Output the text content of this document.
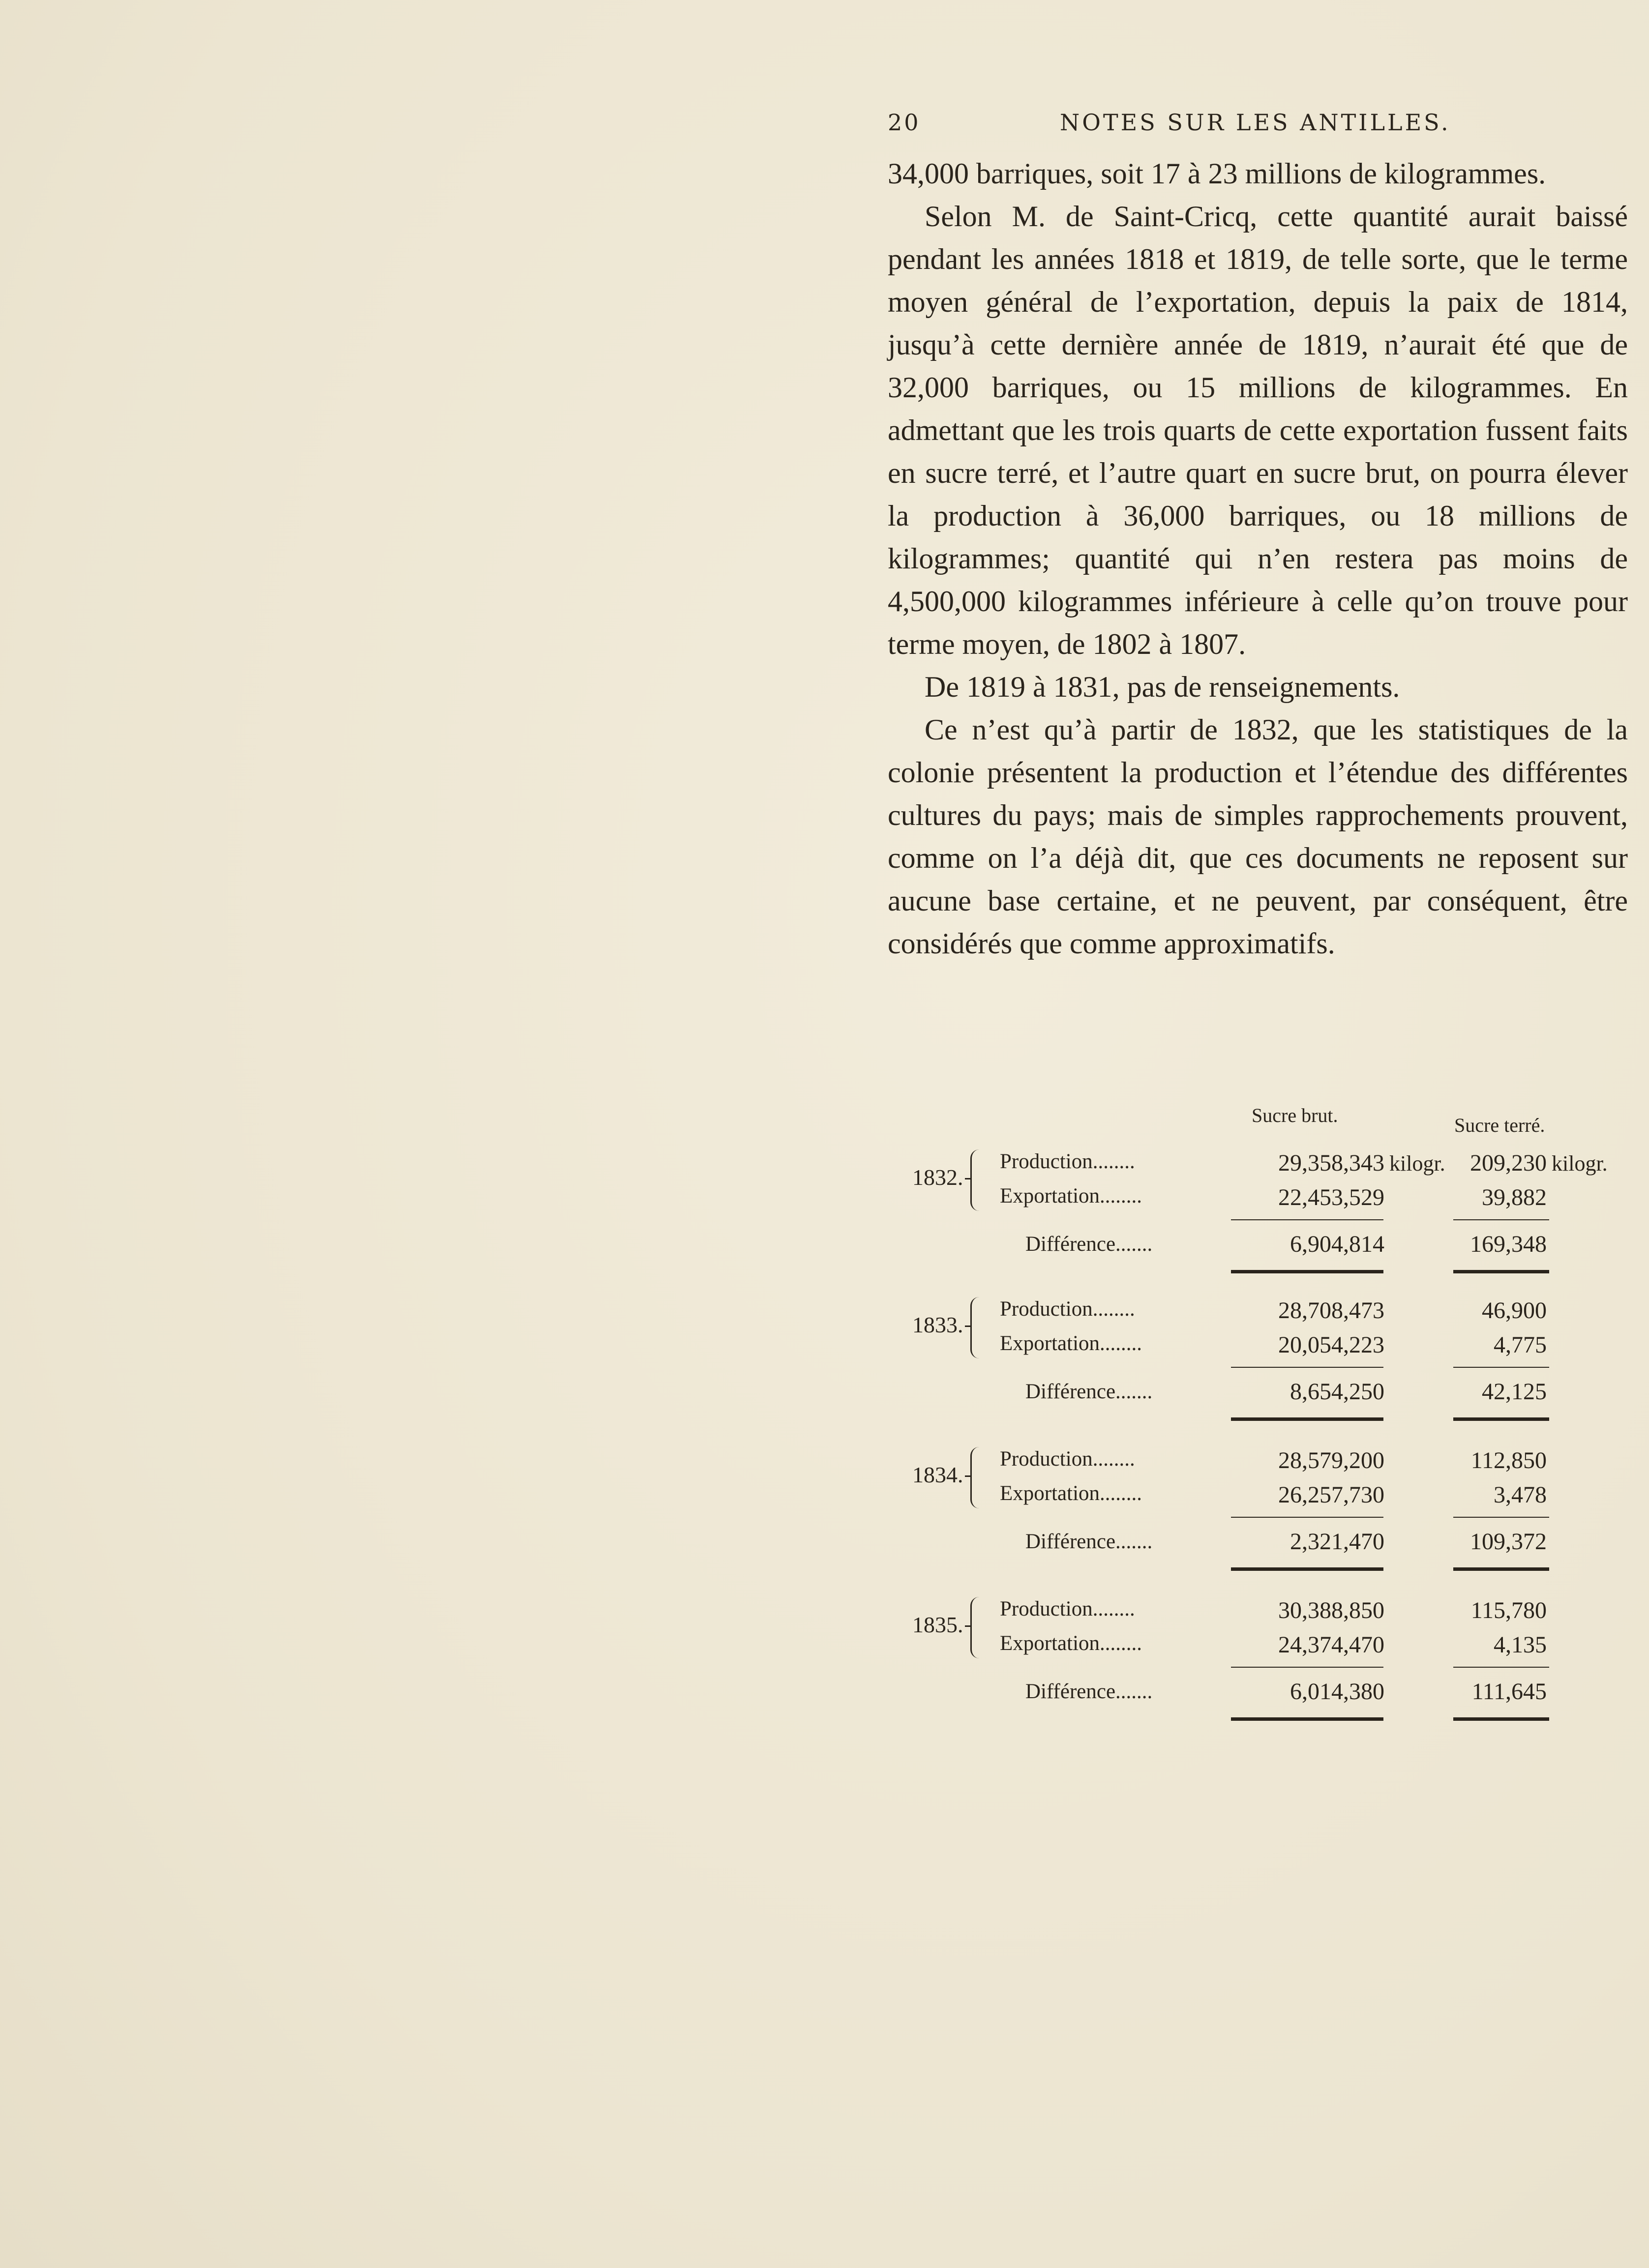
20	NOTES SUR LES ANTILLES.

34,000 barriques, soit 17 à 23 millions de kilogrammes.

Selon M. de Saint-Cricq, cette quantité aurait baissé pendant les années 1818 et 1819, de telle sorte, que le terme moyen général de l’exportation, depuis la paix de 1814, jusqu’à cette dernière année de 1819, n’aurait été que de 32,000 barriques, ou 15 millions de kilogrammes. En admettant que les trois quarts de cette exportation fussent faits en sucre terré, et l’autre quart en sucre brut, on pourra élever la production à 36,000 barriques, ou 18 millions de kilogrammes; quantité qui n’en restera pas moins de 4,500,000 kilogrammes inférieure à celle qu’on trouve pour terme moyen, de 1802 à 1807.

De 1819 à 1831, pas de renseignements.

Ce n’est qu’à partir de 1832, que les statistiques de la colonie présentent la production et l’étendue des différentes cultures du pays; mais de simples rapprochements prouvent, comme on l’a déjà dit, que ces documents ne reposent sur aucune base certaine, et ne peuvent, par conséquent, être considérés que comme approximatifs.

Sucre brut.	Sucre terré.
1832.
Production........	29,358,343 kilogr.	209,230 kilogr.
Exportation........	22,453,529	39,882
Différence.......	6,904,814	169,348
1833.
Production........	28,708,473	46,900
Exportation........	20,054,223	4,775
Différence.......	8,654,250	42,125
1834.
Production........	28,579,200	112,850
Exportation........	26,257,730	3,478
Différence.......	2,321,470	109,372
1835.
Production........	30,388,850	115,780
Exportation........	24,374,470	4,135
Différence.......	6,014,380	111,645
